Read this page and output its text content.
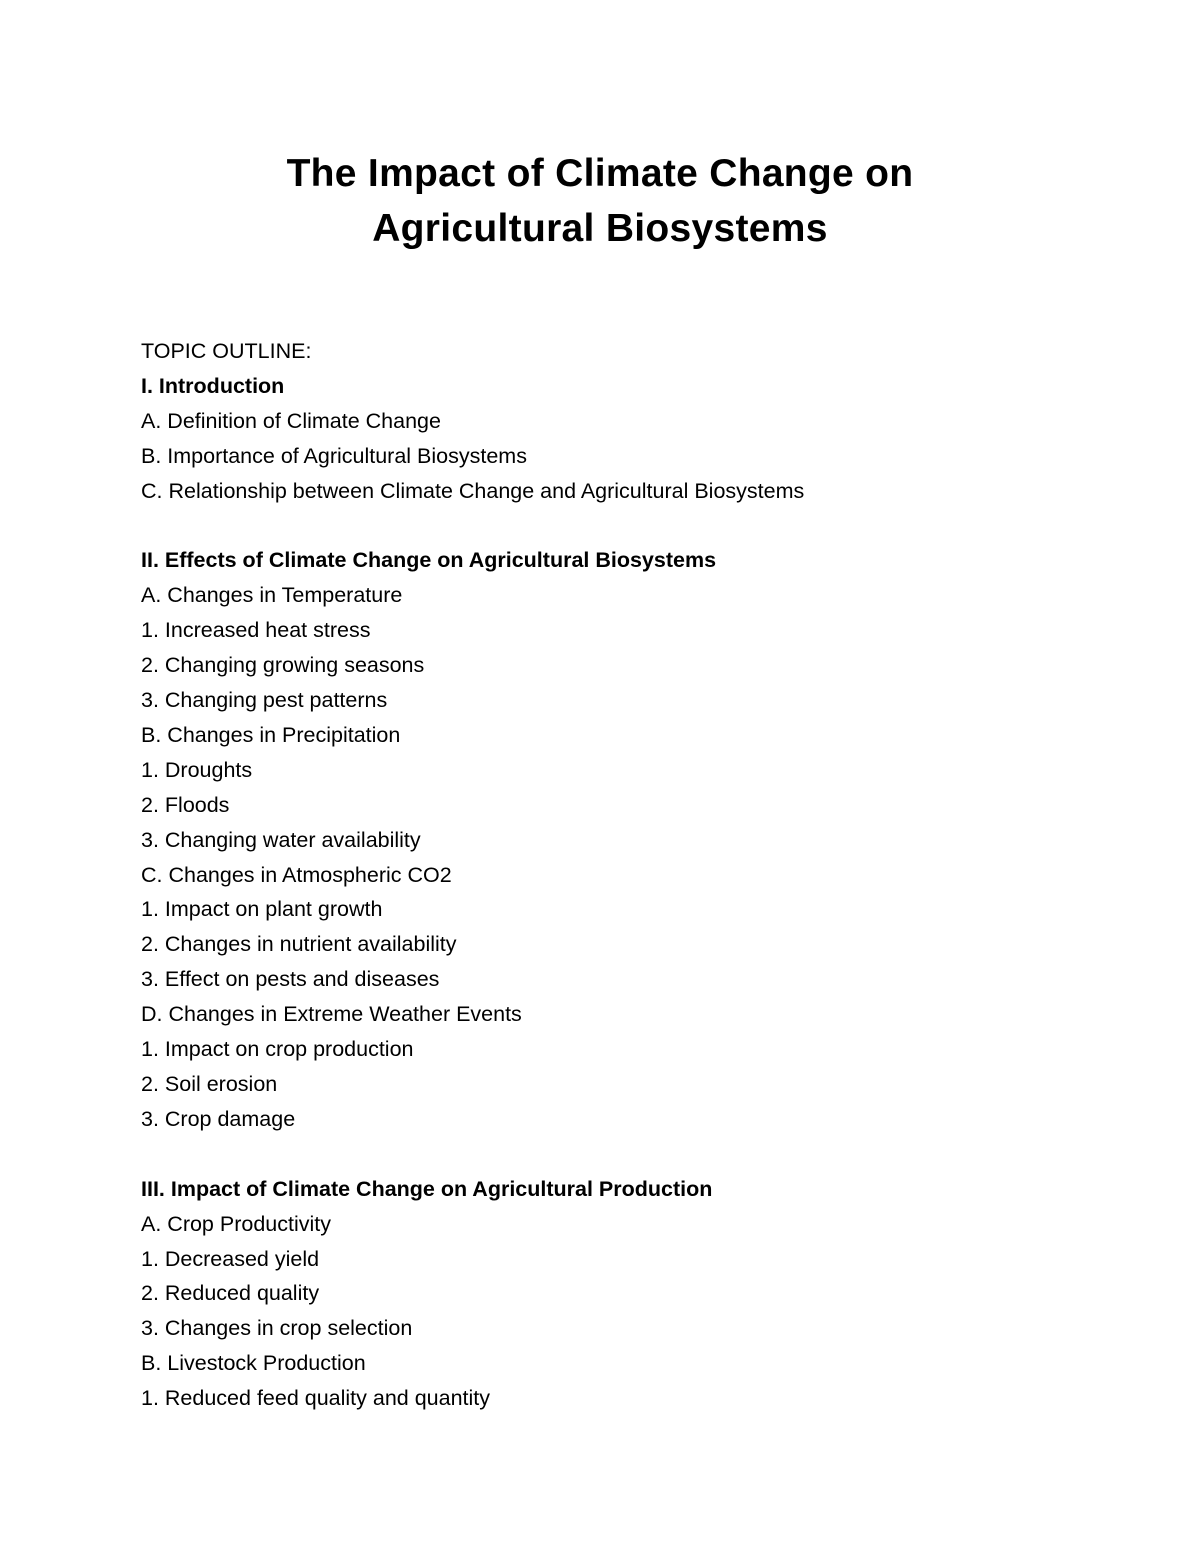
The Impact of Climate Change on
Agricultural Biosystems
TOPIC OUTLINE:
I. Introduction
A. Definition of Climate Change
B. Importance of Agricultural Biosystems
C. Relationship between Climate Change and Agricultural Biosystems
II. Effects of Climate Change on Agricultural Biosystems
A. Changes in Temperature
1. Increased heat stress
2. Changing growing seasons
3. Changing pest patterns
B. Changes in Precipitation
1. Droughts
2. Floods
3. Changing water availability
C. Changes in Atmospheric CO2
1. Impact on plant growth
2. Changes in nutrient availability
3. Effect on pests and diseases
D. Changes in Extreme Weather Events
1. Impact on crop production
2. Soil erosion
3. Crop damage
III. Impact of Climate Change on Agricultural Production
A. Crop Productivity
1. Decreased yield
2. Reduced quality
3. Changes in crop selection
B. Livestock Production
1. Reduced feed quality and quantity
